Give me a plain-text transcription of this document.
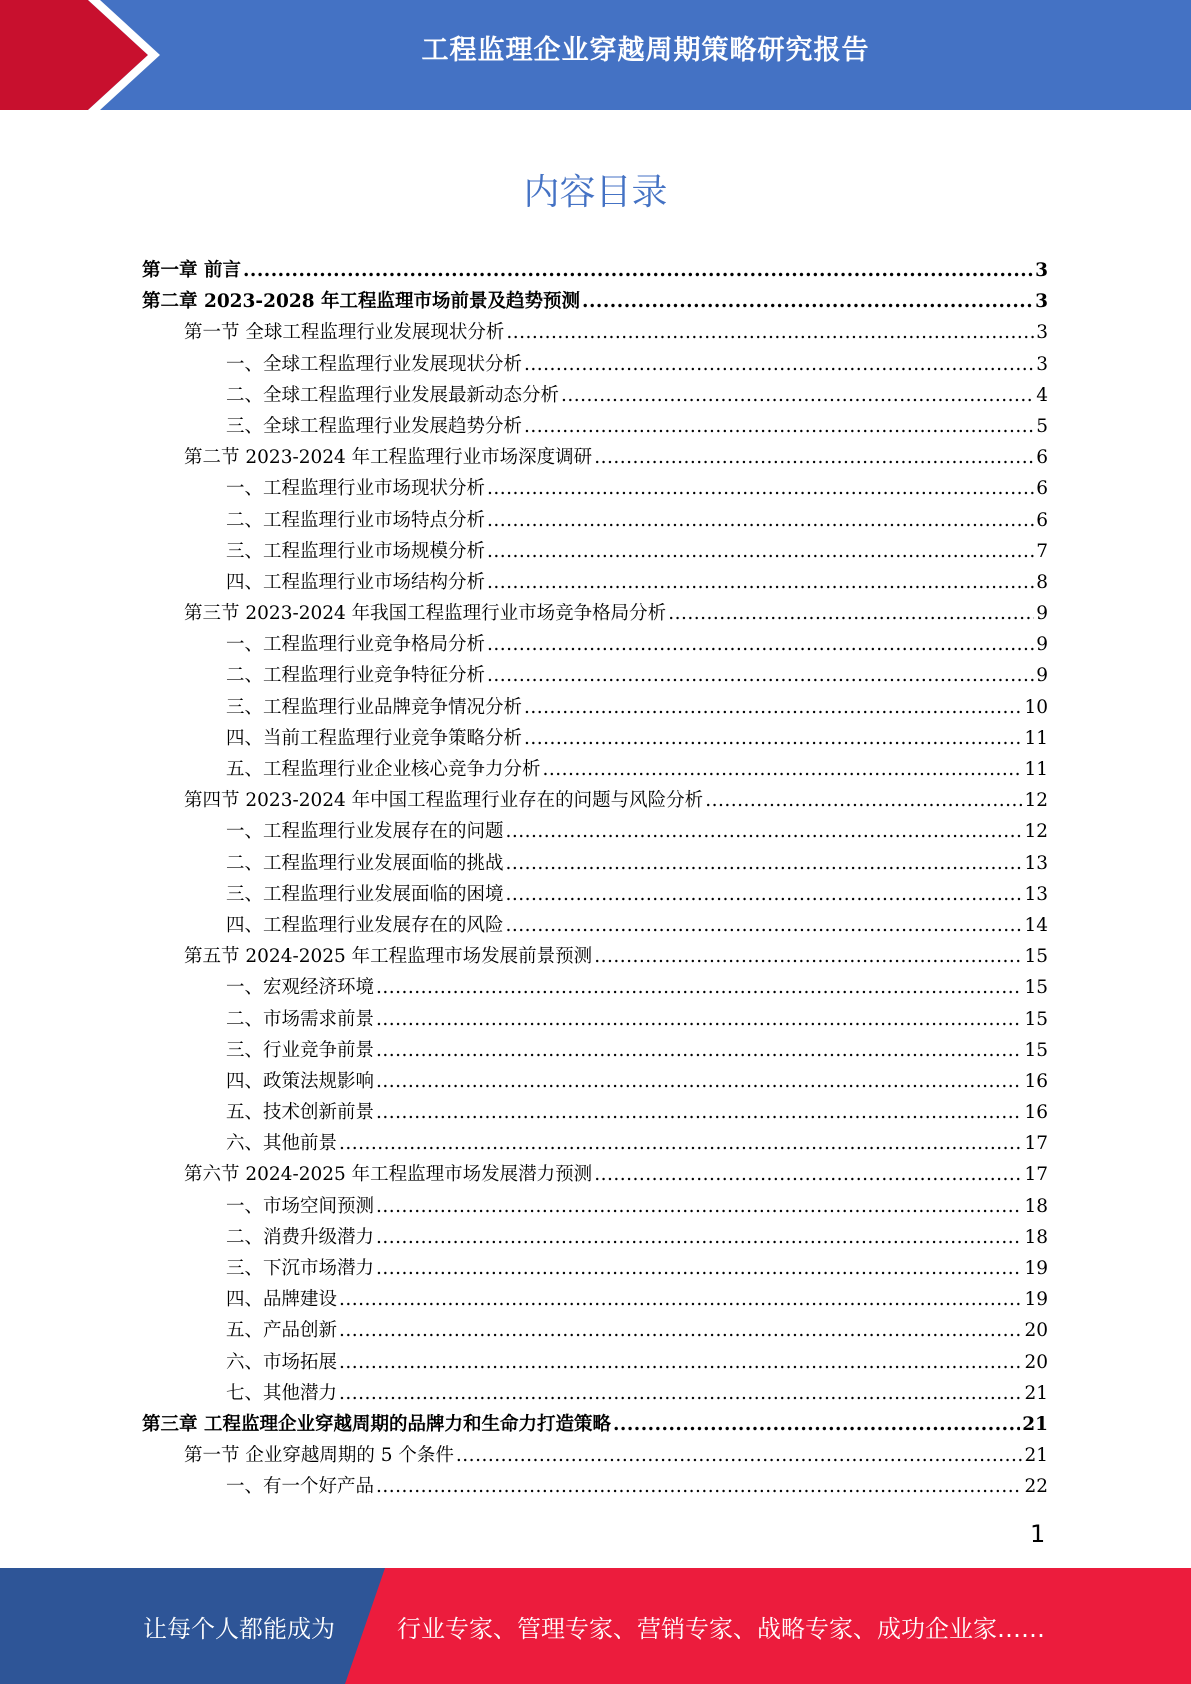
工程监理企业穿越周期策略研究报告
内容目录
第一章 前言 .....	3
第二章 2023-2028 年工程监理市场前景及趋势预测 .....	3
第一节 全球工程监理行业发展现状分析 .....	3
一、全球工程监理行业发展现状分析 .....	3
二、全球工程监理行业发展最新动态分析 .....	4
三、全球工程监理行业发展趋势分析 .....	5
第二节 2023-2024 年工程监理行业市场深度调研 .....	6
一、工程监理行业市场现状分析 .....	6
二、工程监理行业市场特点分析 .....	6
三、工程监理行业市场规模分析 .....	7
四、工程监理行业市场结构分析 .....	8
第三节 2023-2024 年我国工程监理行业市场竞争格局分析 .....	9
一、工程监理行业竞争格局分析 .....	9
二、工程监理行业竞争特征分析 .....	9
三、工程监理行业品牌竞争情况分析 .....	10
四、当前工程监理行业竞争策略分析 .....	11
五、工程监理行业企业核心竞争力分析 .....	11
第四节 2023-2024 年中国工程监理行业存在的问题与风险分析 .....	12
一、工程监理行业发展存在的问题 .....	12
二、工程监理行业发展面临的挑战 .....	13
三、工程监理行业发展面临的困境 .....	13
四、工程监理行业发展存在的风险 .....	14
第五节 2024-2025 年工程监理市场发展前景预测 .....	15
一、宏观经济环境 .....	15
二、市场需求前景 .....	15
三、行业竞争前景 .....	15
四、政策法规影响 .....	16
五、技术创新前景 .....	16
六、其他前景 .....	17
第六节 2024-2025 年工程监理市场发展潜力预测 .....	17
一、市场空间预测 .....	18
二、消费升级潜力 .....	18
三、下沉市场潜力 .....	19
四、品牌建设 .....	19
五、产品创新 .....	20
六、市场拓展 .....	20
七、其他潜力 .....	21
第三章 工程监理企业穿越周期的品牌力和生命力打造策略 .....	21
第一节 企业穿越周期的 5 个条件 .....	21
一、有一个好产品 .....	22
1
让每个人都能成为	行业专家、管理专家、营销专家、战略专家、成功企业家……
